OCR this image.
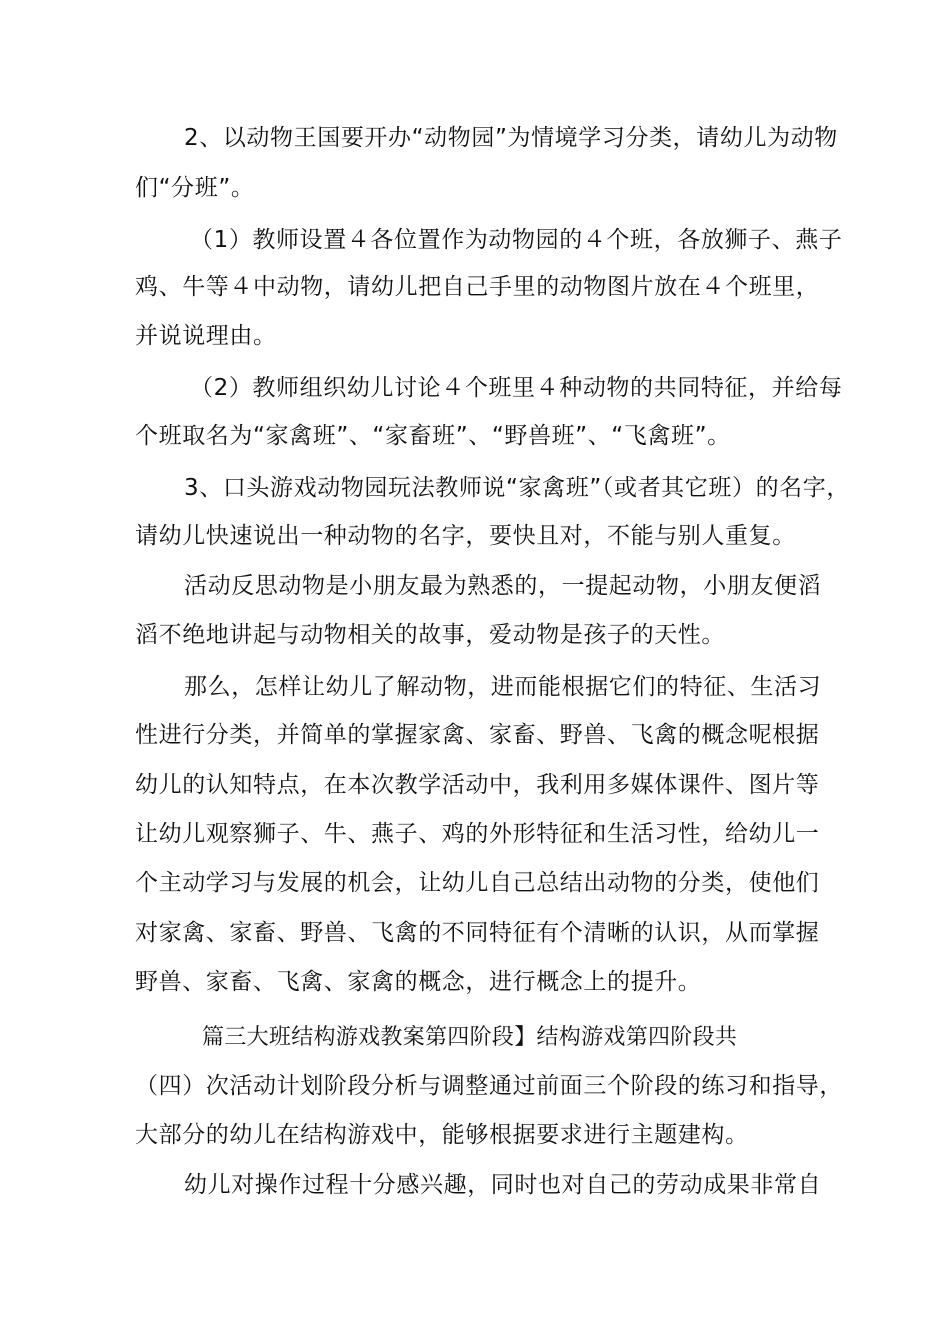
2、以动物王国要开办“动物园”为情境学习分类，请幼儿为动物

们“分班”。

（1）教师设置４各位置作为动物园的４个班，各放狮子、燕子

鸡、牛等４中动物，请幼儿把自己手里的动物图片放在４个班里，

并说说理由。

（2）教师组织幼儿讨论４个班里４种动物的共同特征，并给每

个班取名为“家禽班”、“家畜班”、“野兽班”、“飞禽班”。

3、口头游戏动物园玩法教师说“家禽班”（或者其它班）的名字，

请幼儿快速说出一种动物的名字，要快且对，不能与别人重复。

活动反思动物是小朋友最为熟悉的，一提起动物，小朋友便滔

滔不绝地讲起与动物相关的故事，爱动物是孩子的天性。

那么，怎样让幼儿了解动物，进而能根据它们的特征、生活习

性进行分类，并简单的掌握家禽、家畜、野兽、飞禽的概念呢根据

幼儿的认知特点，在本次教学活动中，我利用多媒体课件、图片等

让幼儿观察狮子、牛、燕子、鸡的外形特征和生活习性，给幼儿一

个主动学习与发展的机会，让幼儿自己总结出动物的分类，使他们

对家禽、家畜、野兽、飞禽的不同特征有个清晰的认识，从而掌握

野兽、家畜、飞禽、家禽的概念，进行概念上的提升。

篇三大班结构游戏教案第四阶段】结构游戏第四阶段共

（四）次活动计划阶段分析与调整通过前面三个阶段的练习和指导，

大部分的幼儿在结构游戏中，能够根据要求进行主题建构。

幼儿对操作过程十分感兴趣，同时也对自己的劳动成果非常自
